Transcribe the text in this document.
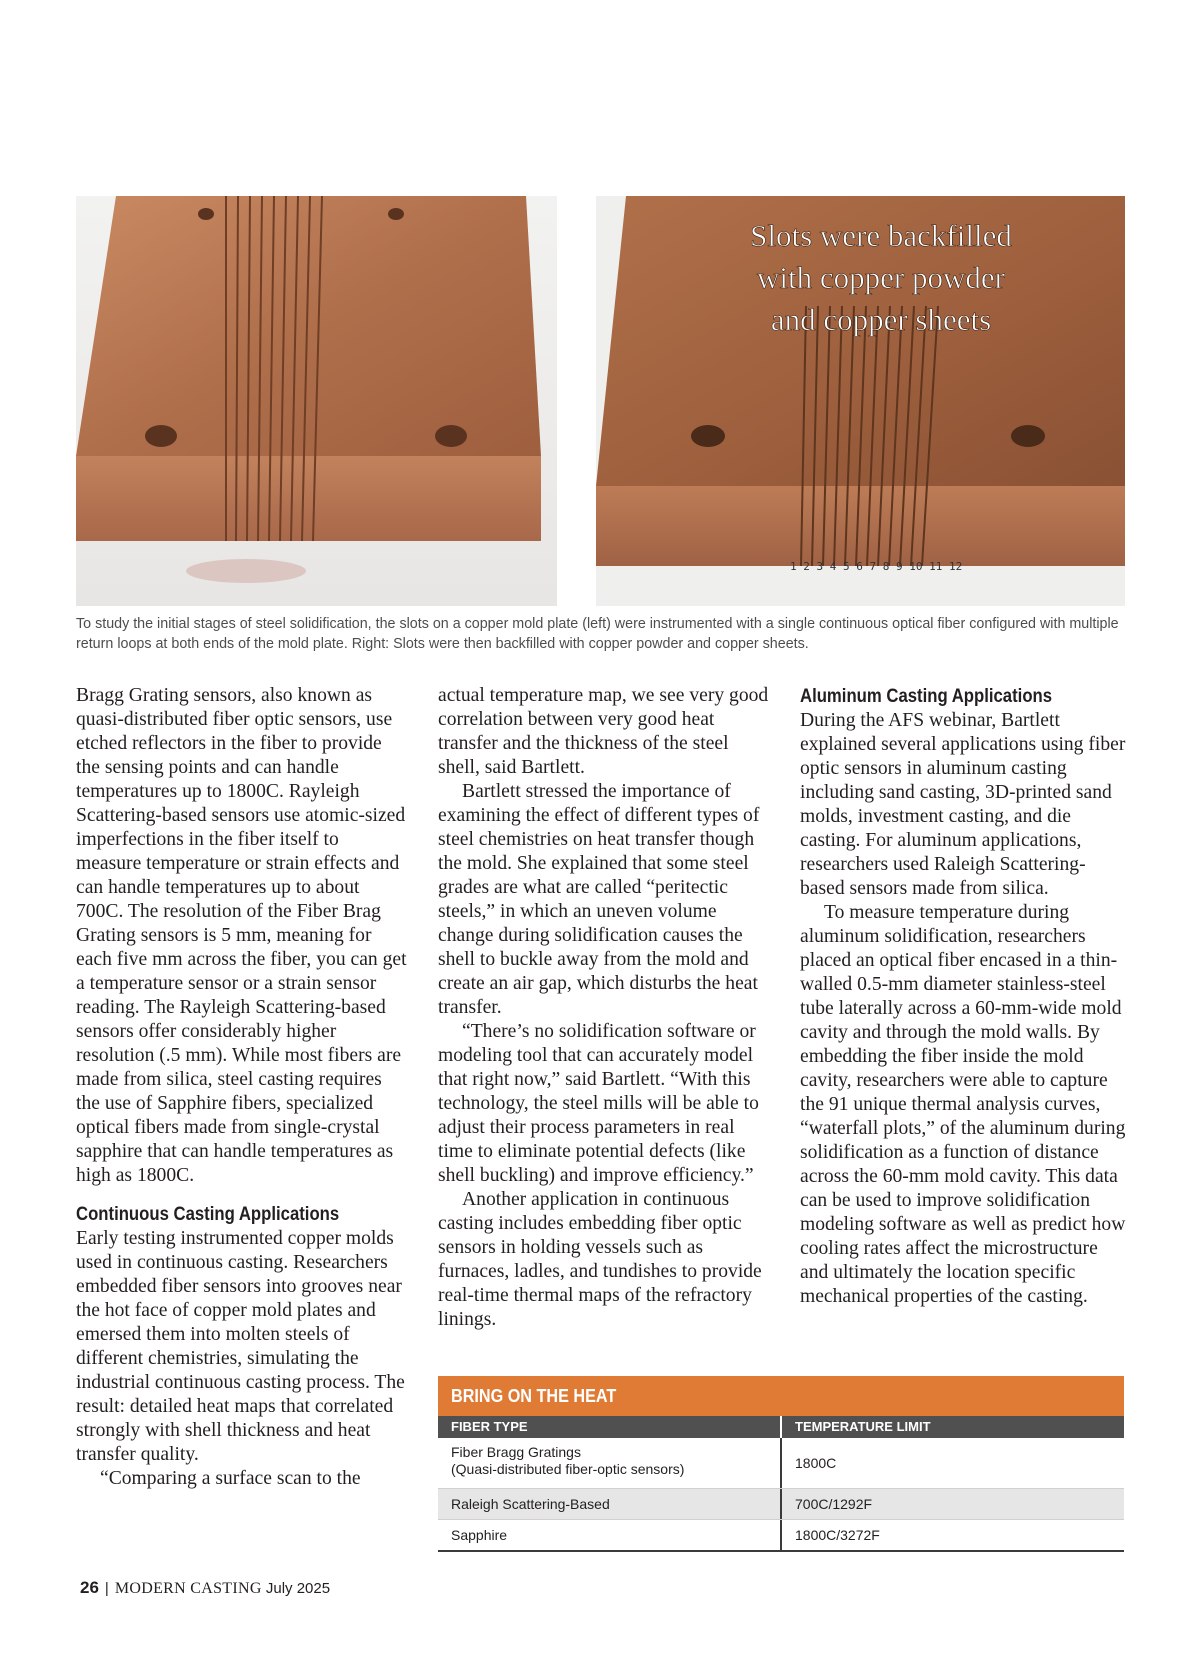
1 2 3 4 5 6 7 8 9 10 11 12
Slots were backfilled
with copper powder
and copper sheets
To study the initial stages of steel solidification, the slots on a copper mold plate (left) were instrumented with a single continuous optical fiber configured with multiple return loops at both ends of the mold plate. Right: Slots were then backfilled with copper powder and copper sheets.

Bragg Grating sensors, also known as quasi-distributed fiber optic sensors, use etched reflectors in the fiber to provide the sensing points and can handle temperatures up to 1800C. Rayleigh Scattering-based sensors use atomic-sized imperfections in the fiber itself to measure temperature or strain effects and can handle temperatures up to about 700C. The resolution of the Fiber Brag Grating sensors is 5 mm, meaning for each five mm across the fiber, you can get a temperature sensor or a strain sensor reading. The Rayleigh Scattering-based sensors offer considerably higher resolution (.5 mm). While most fibers are made from silica, steel casting requires the use of Sapphire fibers, specialized optical fibers made from single-crystal sapphire that can handle temperatures as high as 1800C.

Continuous Casting Applications

Early testing instrumented copper molds used in continuous casting. Researchers embedded fiber sensors into grooves near the hot face of copper mold plates and emersed them into molten steels of different chemistries, simulating the industrial continuous casting process. The result: detailed heat maps that correlated strongly with shell thickness and heat transfer quality.

“Comparing a surface scan to the

actual temperature map, we see very good correlation between very good heat transfer and the thickness of the steel shell, said Bartlett.

Bartlett stressed the importance of examining the effect of different types of steel chemistries on heat transfer though the mold. She explained that some steel grades are what are called “peritectic steels,” in which an uneven volume change during solidification causes the shell to buckle away from the mold and create an air gap, which disturbs the heat transfer.

“There’s no solidification software or modeling tool that can accurately model that right now,” said Bartlett. “With this technology, the steel mills will be able to adjust their process parameters in real time to eliminate potential defects (like shell buckling) and improve efficiency.”

Another application in continuous casting includes embedding fiber optic sensors in holding vessels such as furnaces, ladles, and tundishes to provide real-time thermal maps of the refractory linings.

Aluminum Casting Applications

During the AFS webinar, Bartlett explained several applications using fiber optic sensors in aluminum casting including sand casting, 3D-printed sand molds, investment casting, and die casting. For aluminum applications, researchers used Raleigh Scattering-based sensors made from silica.

To measure temperature during aluminum solidification, researchers placed an optical fiber encased in a thin-walled 0.5-mm diameter stainless-steel tube laterally across a 60-mm-wide mold cavity and through the mold walls. By embedding the fiber inside the mold cavity, researchers were able to capture the 91 unique thermal analysis curves, “waterfall plots,” of the aluminum during solidification as a function of distance across the 60-mm mold cavity. This data can be used to improve solidification modeling software as well as predict how cooling rates affect the microstructure and ultimately the location specific mechanical properties of the casting.

BRING ON THE HEAT
FIBER TYPE	TEMPERATURE LIMIT
Fiber Bragg Gratings
(Quasi-distributed fiber-optic sensors)	1800C
Raleigh Scattering-Based	700C/1292F
Sapphire	1800C/3272F
26 | MODERN CASTING July 2025
